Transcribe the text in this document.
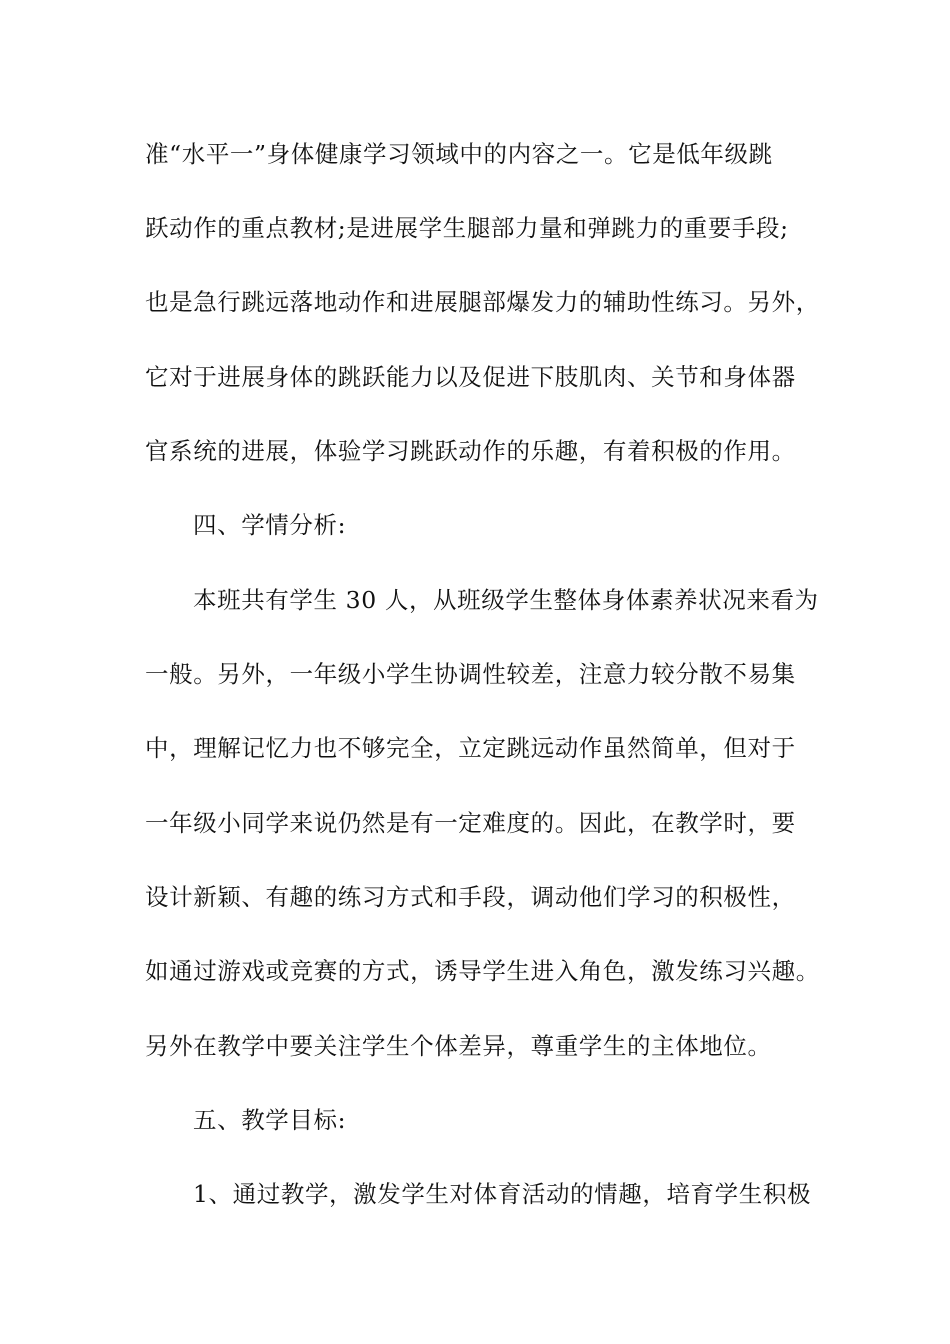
准“水平一”身体健康学习领域中的内容之一。它是低年级跳
跃动作的重点教材;是进展学生腿部力量和弹跳力的重要手段;
也是急行跳远落地动作和进展腿部爆发力的辅助性练习。另外，
它对于进展身体的跳跃能力以及促进下肢肌肉、关节和身体器
官系统的进展，体验学习跳跃动作的乐趣，有着积极的作用。
四、学情分析:
本班共有学生 30 人，从班级学生整体身体素养状况来看为
一般。另外，一年级小学生协调性较差，注意力较分散不易集
中，理解记忆力也不够完全，立定跳远动作虽然简单，但对于
一年级小同学来说仍然是有一定难度的。因此，在教学时，要
设计新颖、有趣的练习方式和手段，调动他们学习的积极性，
如通过游戏或竞赛的方式，诱导学生进入角色，激发练习兴趣。
另外在教学中要关注学生个体差异，尊重学生的主体地位。
五、教学目标:
1、通过教学，激发学生对体育活动的情趣，培育学生积极
